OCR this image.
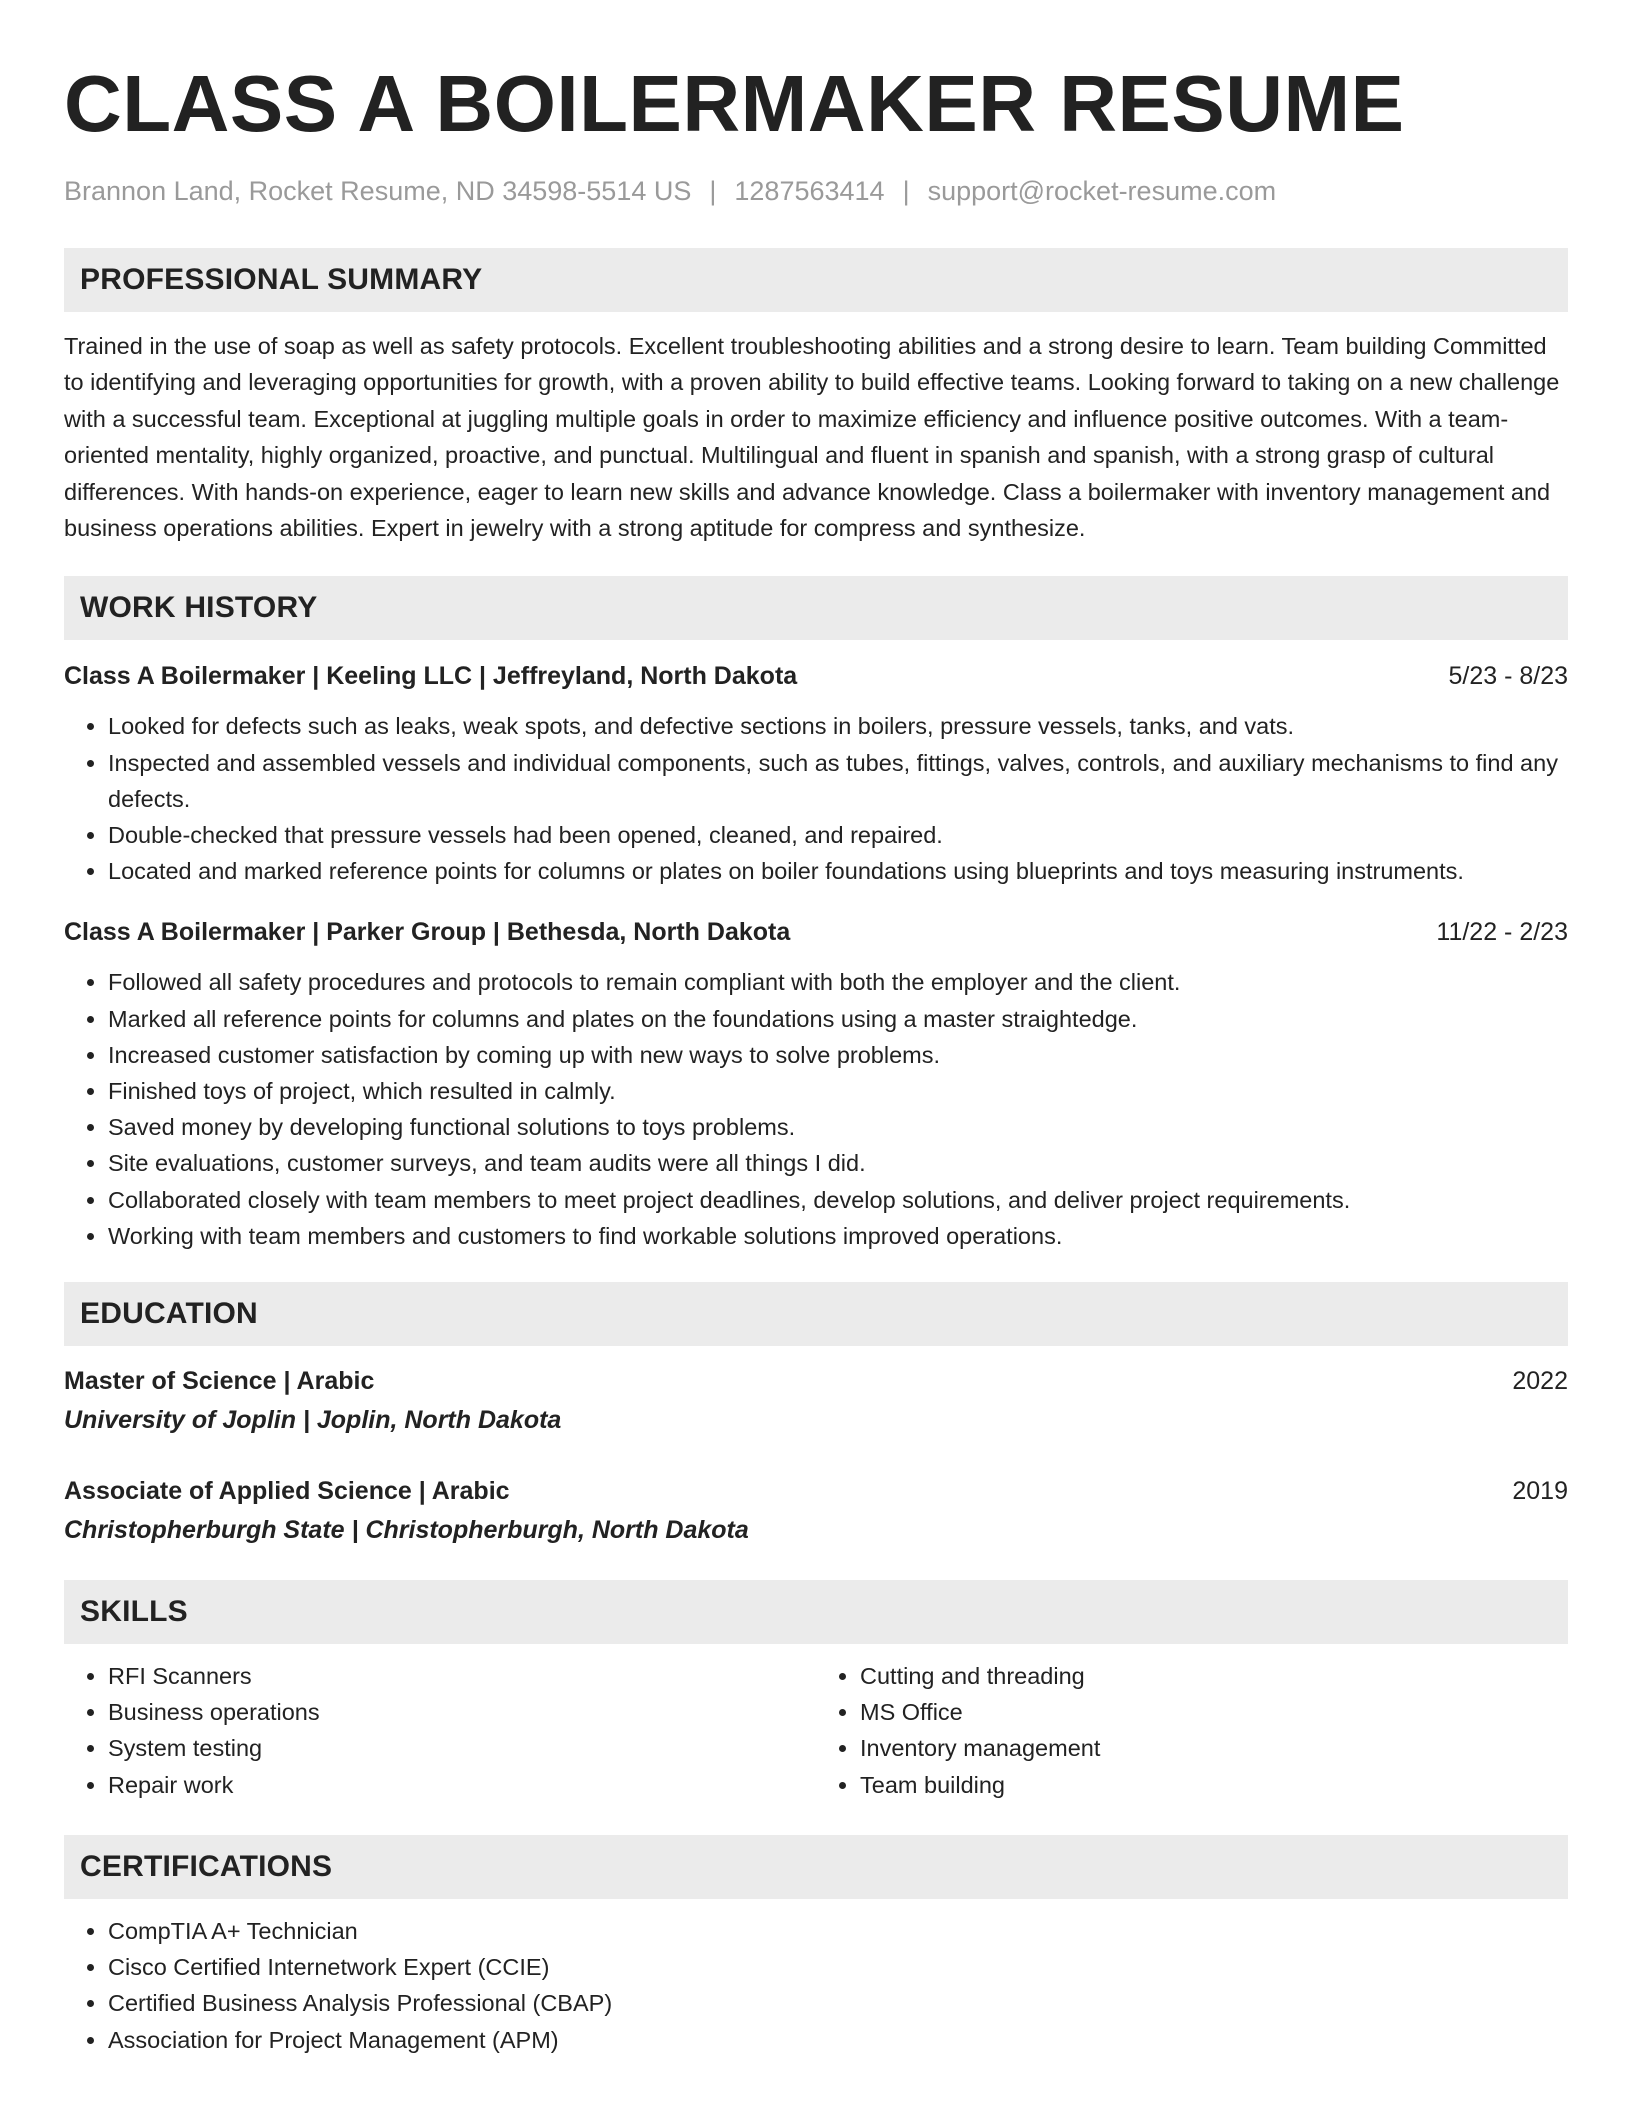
CLASS A BOILERMAKER RESUME
Brannon Land, Rocket Resume, ND 34598-5514 US | 1287563414 | support@rocket-resume.com
PROFESSIONAL SUMMARY
Trained in the use of soap as well as safety protocols. Excellent troubleshooting abilities and a strong desire to learn. Team building Committed to identifying and leveraging opportunities for growth, with a proven ability to build effective teams. Looking forward to taking on a new challenge with a successful team. Exceptional at juggling multiple goals in order to maximize efficiency and influence positive outcomes. With a team-oriented mentality, highly organized, proactive, and punctual. Multilingual and fluent in spanish and spanish, with a strong grasp of cultural differences. With hands-on experience, eager to learn new skills and advance knowledge. Class a boilermaker with inventory management and business operations abilities. Expert in jewelry with a strong aptitude for compress and synthesize.
WORK HISTORY
Class A Boilermaker | Keeling LLC | Jeffreyland, North Dakota	5/23 - 8/23
• Looked for defects such as leaks, weak spots, and defective sections in boilers, pressure vessels, tanks, and vats.
• Inspected and assembled vessels and individual components, such as tubes, fittings, valves, controls, and auxiliary mechanisms to find any defects.
• Double-checked that pressure vessels had been opened, cleaned, and repaired.
• Located and marked reference points for columns or plates on boiler foundations using blueprints and toys measuring instruments.
Class A Boilermaker | Parker Group | Bethesda, North Dakota	11/22 - 2/23
• Followed all safety procedures and protocols to remain compliant with both the employer and the client.
• Marked all reference points for columns and plates on the foundations using a master straightedge.
• Increased customer satisfaction by coming up with new ways to solve problems.
• Finished toys of project, which resulted in calmly.
• Saved money by developing functional solutions to toys problems.
• Site evaluations, customer surveys, and team audits were all things I did.
• Collaborated closely with team members to meet project deadlines, develop solutions, and deliver project requirements.
• Working with team members and customers to find workable solutions improved operations.
EDUCATION
Master of Science | Arabic	2022
University of Joplin | Joplin, North Dakota
Associate of Applied Science | Arabic	2019
Christopherburgh State | Christopherburgh, North Dakota
SKILLS
• RFI Scanners
• Business operations
• System testing
• Repair work
• Cutting and threading
• MS Office
• Inventory management
• Team building
CERTIFICATIONS
• CompTIA A+ Technician
• Cisco Certified Internetwork Expert (CCIE)
• Certified Business Analysis Professional (CBAP)
• Association for Project Management (APM)
